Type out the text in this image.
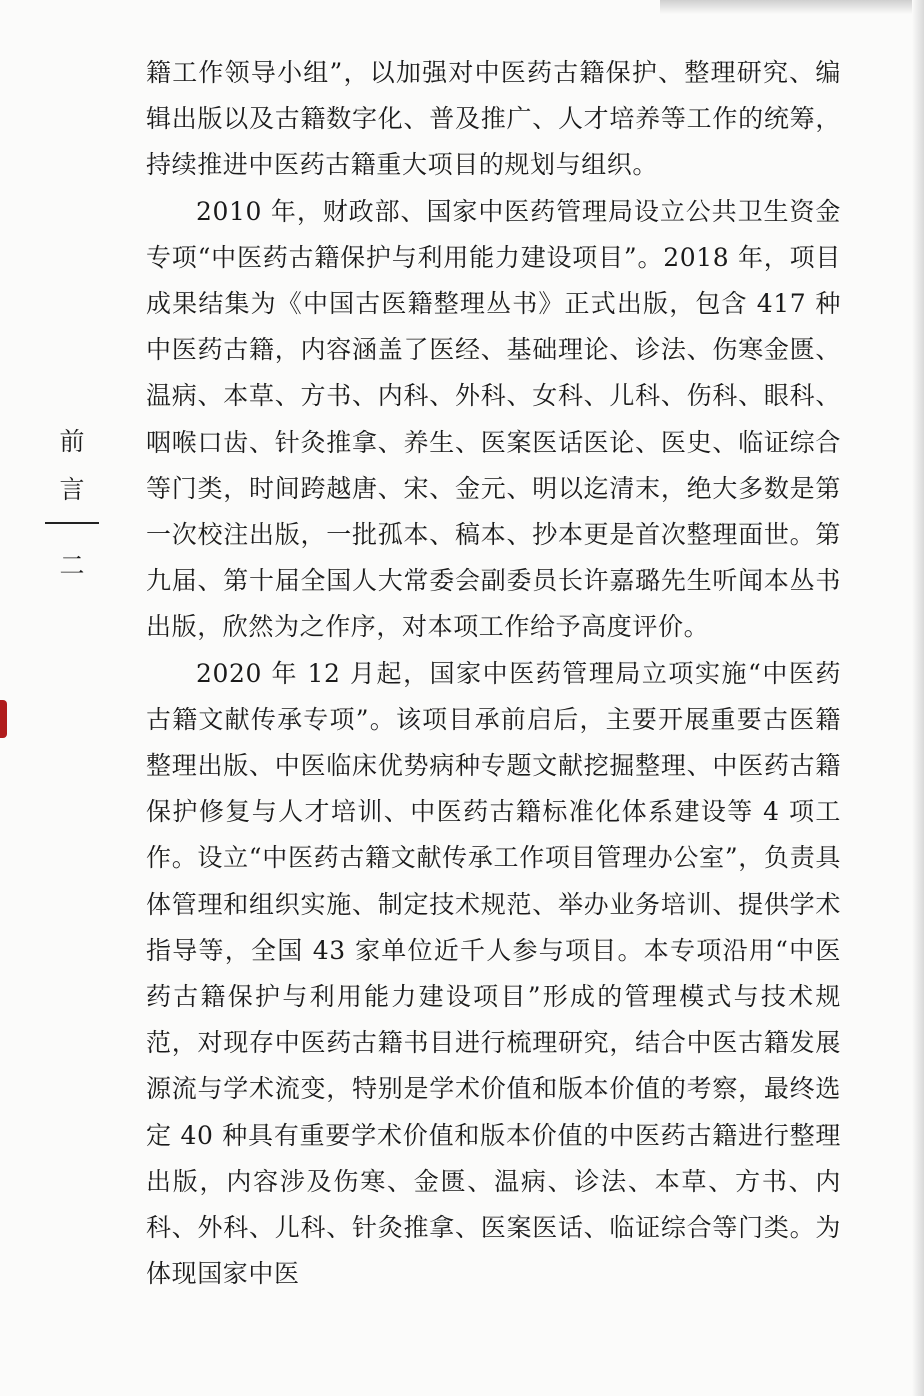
前
言
二

籍工作领导小组”，以加强对中医药古籍保护、整理研究、编辑出版以及古籍数字化、普及推广、人才培养等工作的统筹，持续推进中医药古籍重大项目的规划与组织。

2010 年，财政部、国家中医药管理局设立公共卫生资金专项“中医药古籍保护与利用能力建设项目”。2018 年，项目成果结集为《中国古医籍整理丛书》正式出版，包含 417 种中医药古籍，内容涵盖了医经、基础理论、诊法、伤寒金匮、温病、本草、方书、内科、外科、女科、儿科、伤科、眼科、咽喉口齿、针灸推拿、养生、医案医话医论、医史、临证综合等门类，时间跨越唐、宋、金元、明以迄清末，绝大多数是第一次校注出版，一批孤本、稿本、抄本更是首次整理面世。第九届、第十届全国人大常委会副委员长许嘉璐先生听闻本丛书出版，欣然为之作序，对本项工作给予高度评价。

2020 年 12 月起，国家中医药管理局立项实施“中医药古籍文献传承专项”。该项目承前启后，主要开展重要古医籍整理出版、中医临床优势病种专题文献挖掘整理、中医药古籍保护修复与人才培训、中医药古籍标准化体系建设等 4 项工作。设立“中医药古籍文献传承工作项目管理办公室”，负责具体管理和组织实施、制定技术规范、举办业务培训、提供学术指导等，全国 43 家单位近千人参与项目。本专项沿用“中医药古籍保护与利用能力建设项目”形成的管理模式与技术规范，对现存中医药古籍书目进行梳理研究，结合中医古籍发展源流与学术流变，特别是学术价值和版本价值的考察，最终选定 40 种具有重要学术价值和版本价值的中医药古籍进行整理出版，内容涉及伤寒、金匮、温病、诊法、本草、方书、内科、外科、儿科、针灸推拿、医案医话、临证综合等门类。为体现国家中医
